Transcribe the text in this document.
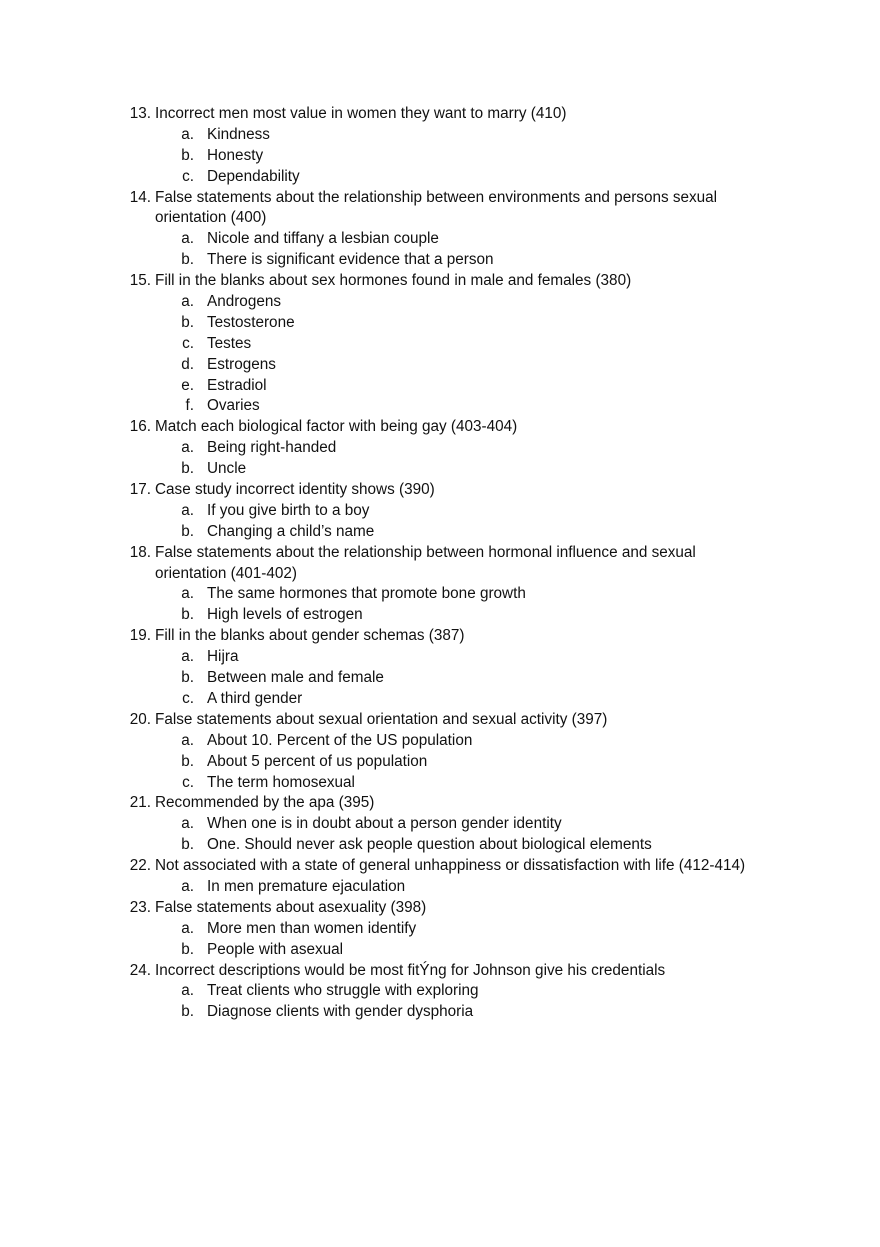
13. Incorrect men most value in women they want to marry (410)
a. Kindness
b. Honesty
c. Dependability
14. False statements about the relationship between environments and persons sexual
orientation (400)
a. Nicole and tiffany a lesbian couple
b. There is significant evidence that a person
15. Fill in the blanks about sex hormones found in male and females (380)
a. Androgens
b. Testosterone
c. Testes
d. Estrogens
e. Estradiol
f. Ovaries
16. Match each biological factor with being gay (403-404)
a. Being right-handed
b. Uncle
17. Case study incorrect identity shows (390)
a. If you give birth to a boy
b. Changing a child’s name
18. False statements about the relationship between hormonal influence and sexual
orientation (401-402)
a. The same hormones that promote bone growth
b. High levels of estrogen
19. Fill in the blanks about gender schemas (387)
a. Hijra
b. Between male and female
c. A third gender
20. False statements about sexual orientation and sexual activity (397)
a. About 10. Percent of the US population
b. About 5 percent of us population
c. The term homosexual
21. Recommended by the apa (395)
a. When one is in doubt about a person gender identity
b. One. Should never ask people question about biological elements
22. Not associated with a state of general unhappiness or dissatisfaction with life (412-414)
a. In men premature ejaculation
23. False statements about asexuality (398)
a. More men than women identify
b. People with asexual
24. Incorrect descriptions would be most fitÝng for Johnson give his credentials
a. Treat clients who struggle with exploring
b. Diagnose clients with gender dysphoria
